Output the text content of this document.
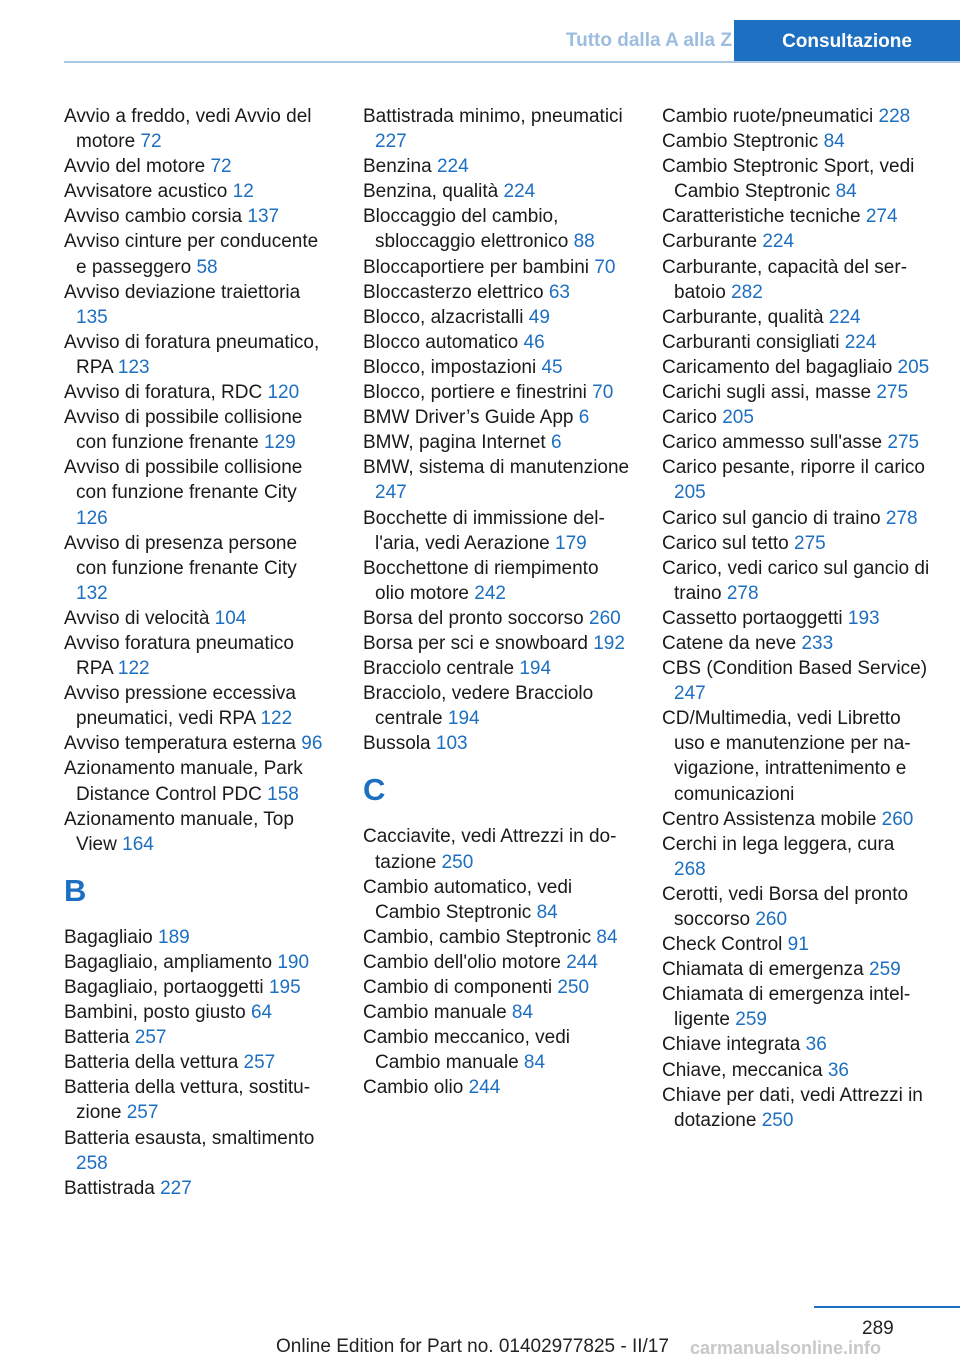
Tutto dalla A alla Z	Consultazione
Avvio a freddo, vedi Avvio del motore 72
Avvio del motore 72
Avvisatore acustico 12
Avviso cambio corsia 137
Avviso cinture per conducente e passeggero 58
Avviso deviazione traiettoria 135
Avviso di foratura pneumatico, RPA 123
Avviso di foratura, RDC 120
Avviso di possibile collisione con funzione frenante 129
Avviso di possibile collisione con funzione frenante City 126
Avviso di presenza persone con funzione frenante City 132
Avviso di velocità 104
Avviso foratura pneumatico RPA 122
Avviso pressione eccessiva pneumatici, vedi RPA 122
Avviso temperatura esterna 96
Azionamento manuale, Park Distance Control PDC 158
Azionamento manuale, Top View 164
B
Bagagliaio 189
Bagagliaio, ampliamento 190
Bagagliaio, portaoggetti 195
Bambini, posto giusto 64
Batteria 257
Batteria della vettura 257
Batteria della vettura, sostituzione 257
Batteria esausta, smaltimento 258
Battistrada 227
Battistrada minimo, pneumatici 227
Benzina 224
Benzina, qualità 224
Bloccaggio del cambio, sbloccaggio elettronico 88
Bloccaportiere per bambini 70
Bloccasterzo elettrico 63
Blocco, alzacristalli 49
Blocco automatico 46
Blocco, impostazioni 45
Blocco, portiere e finestrini 70
BMW Driver’s Guide App 6
BMW, pagina Internet 6
BMW, sistema di manutenzione 247
Bocchette di immissione dell'aria, vedi Aerazione 179
Bocchettone di riempimento olio motore 242
Borsa del pronto soccorso 260
Borsa per sci e snowboard 192
Bracciolo centrale 194
Bracciolo, vedere Bracciolo centrale 194
Bussola 103
C
Cacciavite, vedi Attrezzi in dotazione 250
Cambio automatico, vedi Cambio Steptronic 84
Cambio, cambio Steptronic 84
Cambio dell'olio motore 244
Cambio di componenti 250
Cambio manuale 84
Cambio meccanico, vedi Cambio manuale 84
Cambio olio 244
Cambio ruote/pneumatici 228
Cambio Steptronic 84
Cambio Steptronic Sport, vedi Cambio Steptronic 84
Caratteristiche tecniche 274
Carburante 224
Carburante, capacità del serbatoio 282
Carburante, qualità 224
Carburanti consigliati 224
Caricamento del bagagliaio 205
Carichi sugli assi, masse 275
Carico 205
Carico ammesso sull'asse 275
Carico pesante, riporre il carico 205
Carico sul gancio di traino 278
Carico sul tetto 275
Carico, vedi carico sul gancio di traino 278
Cassetto portaoggetti 193
Catene da neve 233
CBS (Condition Based Service) 247
CD/Multimedia, vedi Libretto uso e manutenzione per navigazione, intrattenimento e comunicazioni
Centro Assistenza mobile 260
Cerchi in lega leggera, cura 268
Cerotti, vedi Borsa del pronto soccorso 260
Check Control 91
Chiamata di emergenza 259
Chiamata di emergenza intelligente 259
Chiave integrata 36
Chiave, meccanica 36
Chiave per dati, vedi Attrezzi in dotazione 250
289
Online Edition for Part no. 01402977825 - II/17 carmanualsonline.info
